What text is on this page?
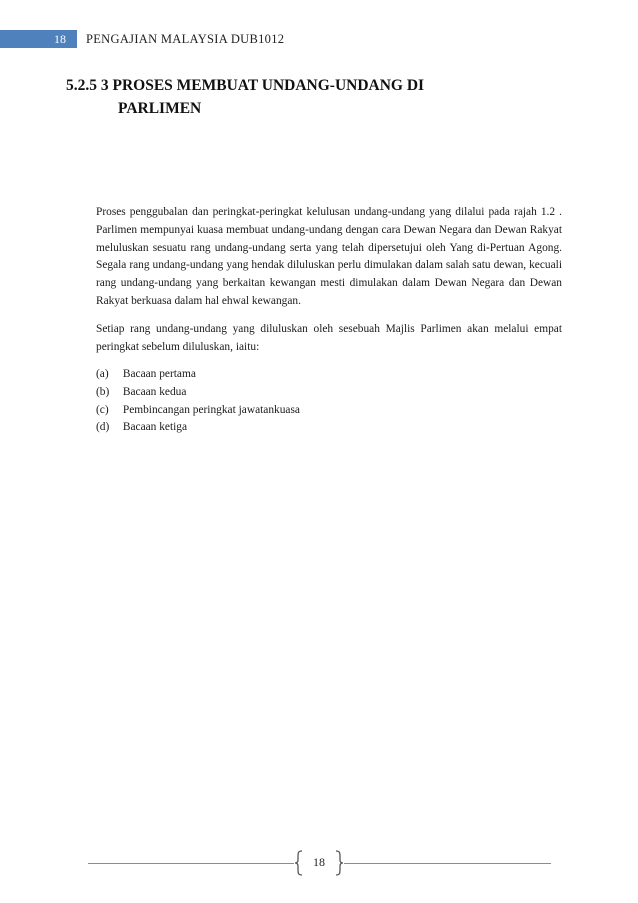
18 PENGAJIAN MALAYSIA DUB1012
5.2.5 3 PROSES MEMBUAT UNDANG-UNDANG DI
PARLIMEN

Proses penggubalan dan peringkat-peringkat kelulusan undang-undang yang dilalui pada rajah 1.2 . Parlimen mempunyai kuasa membuat undang-undang dengan cara Dewan Negara dan Dewan Rakyat meluluskan sesuatu rang undang-undang serta yang telah dipersetujui oleh Yang di-Pertuan Agong. Segala rang undang-undang yang hendak diluluskan perlu dimulakan dalam salah satu dewan, kecuali rang undang-undang yang berkaitan kewangan mesti dimulakan dalam Dewan Negara dan Dewan Rakyat berkuasa dalam hal ehwal kewangan.

Setiap rang undang-undang yang diluluskan oleh sesebuah Majlis Parlimen akan melalui empat peringkat sebelum diluluskan, iaitu:

(a) Bacaan pertama
(b) Bacaan kedua
(c) Pembincangan peringkat jawatankuasa
(d) Bacaan ketiga
18
